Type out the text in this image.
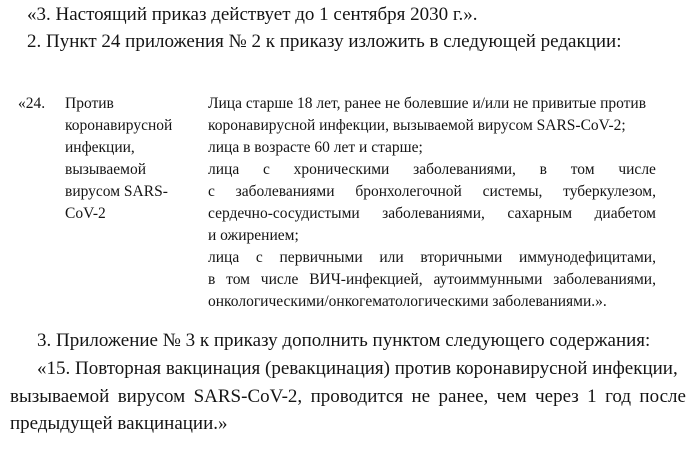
«3. Настоящий приказ действует до 1 сентября 2030 г.».
2. Пункт 24 приложения № 2 к приказу изложить в следующей редакции:
«24. Против
коронавирусной
инфекции,
вызываемой
вирусом SARS-
CoV-2
Лица старше 18 лет, ранее не болевшие и/или не привитые против
коронавирусной инфекции, вызываемой вирусом SARS-CoV-2;
лица в возрасте 60 лет и старше;
лица с хроническими заболеваниями, в том числе
с заболеваниями бронхолегочной системы, туберкулезом,
сердечно-сосудистыми заболеваниями, сахарным диабетом
и ожирением;
лица с первичными или вторичными иммунодефицитами,
в том числе ВИЧ-инфекцией, аутоиммунными заболеваниями,
онкологическими/онкогематологическими заболеваниями.».
3. Приложение № 3 к приказу дополнить пунктом следующего содержания:
«15. Повторная вакцинация (ревакцинация) против коронавирусной инфекции,
вызываемой вирусом SARS-CoV-2, проводится не ранее, чем через 1 год после
предыдущей вакцинации.»
